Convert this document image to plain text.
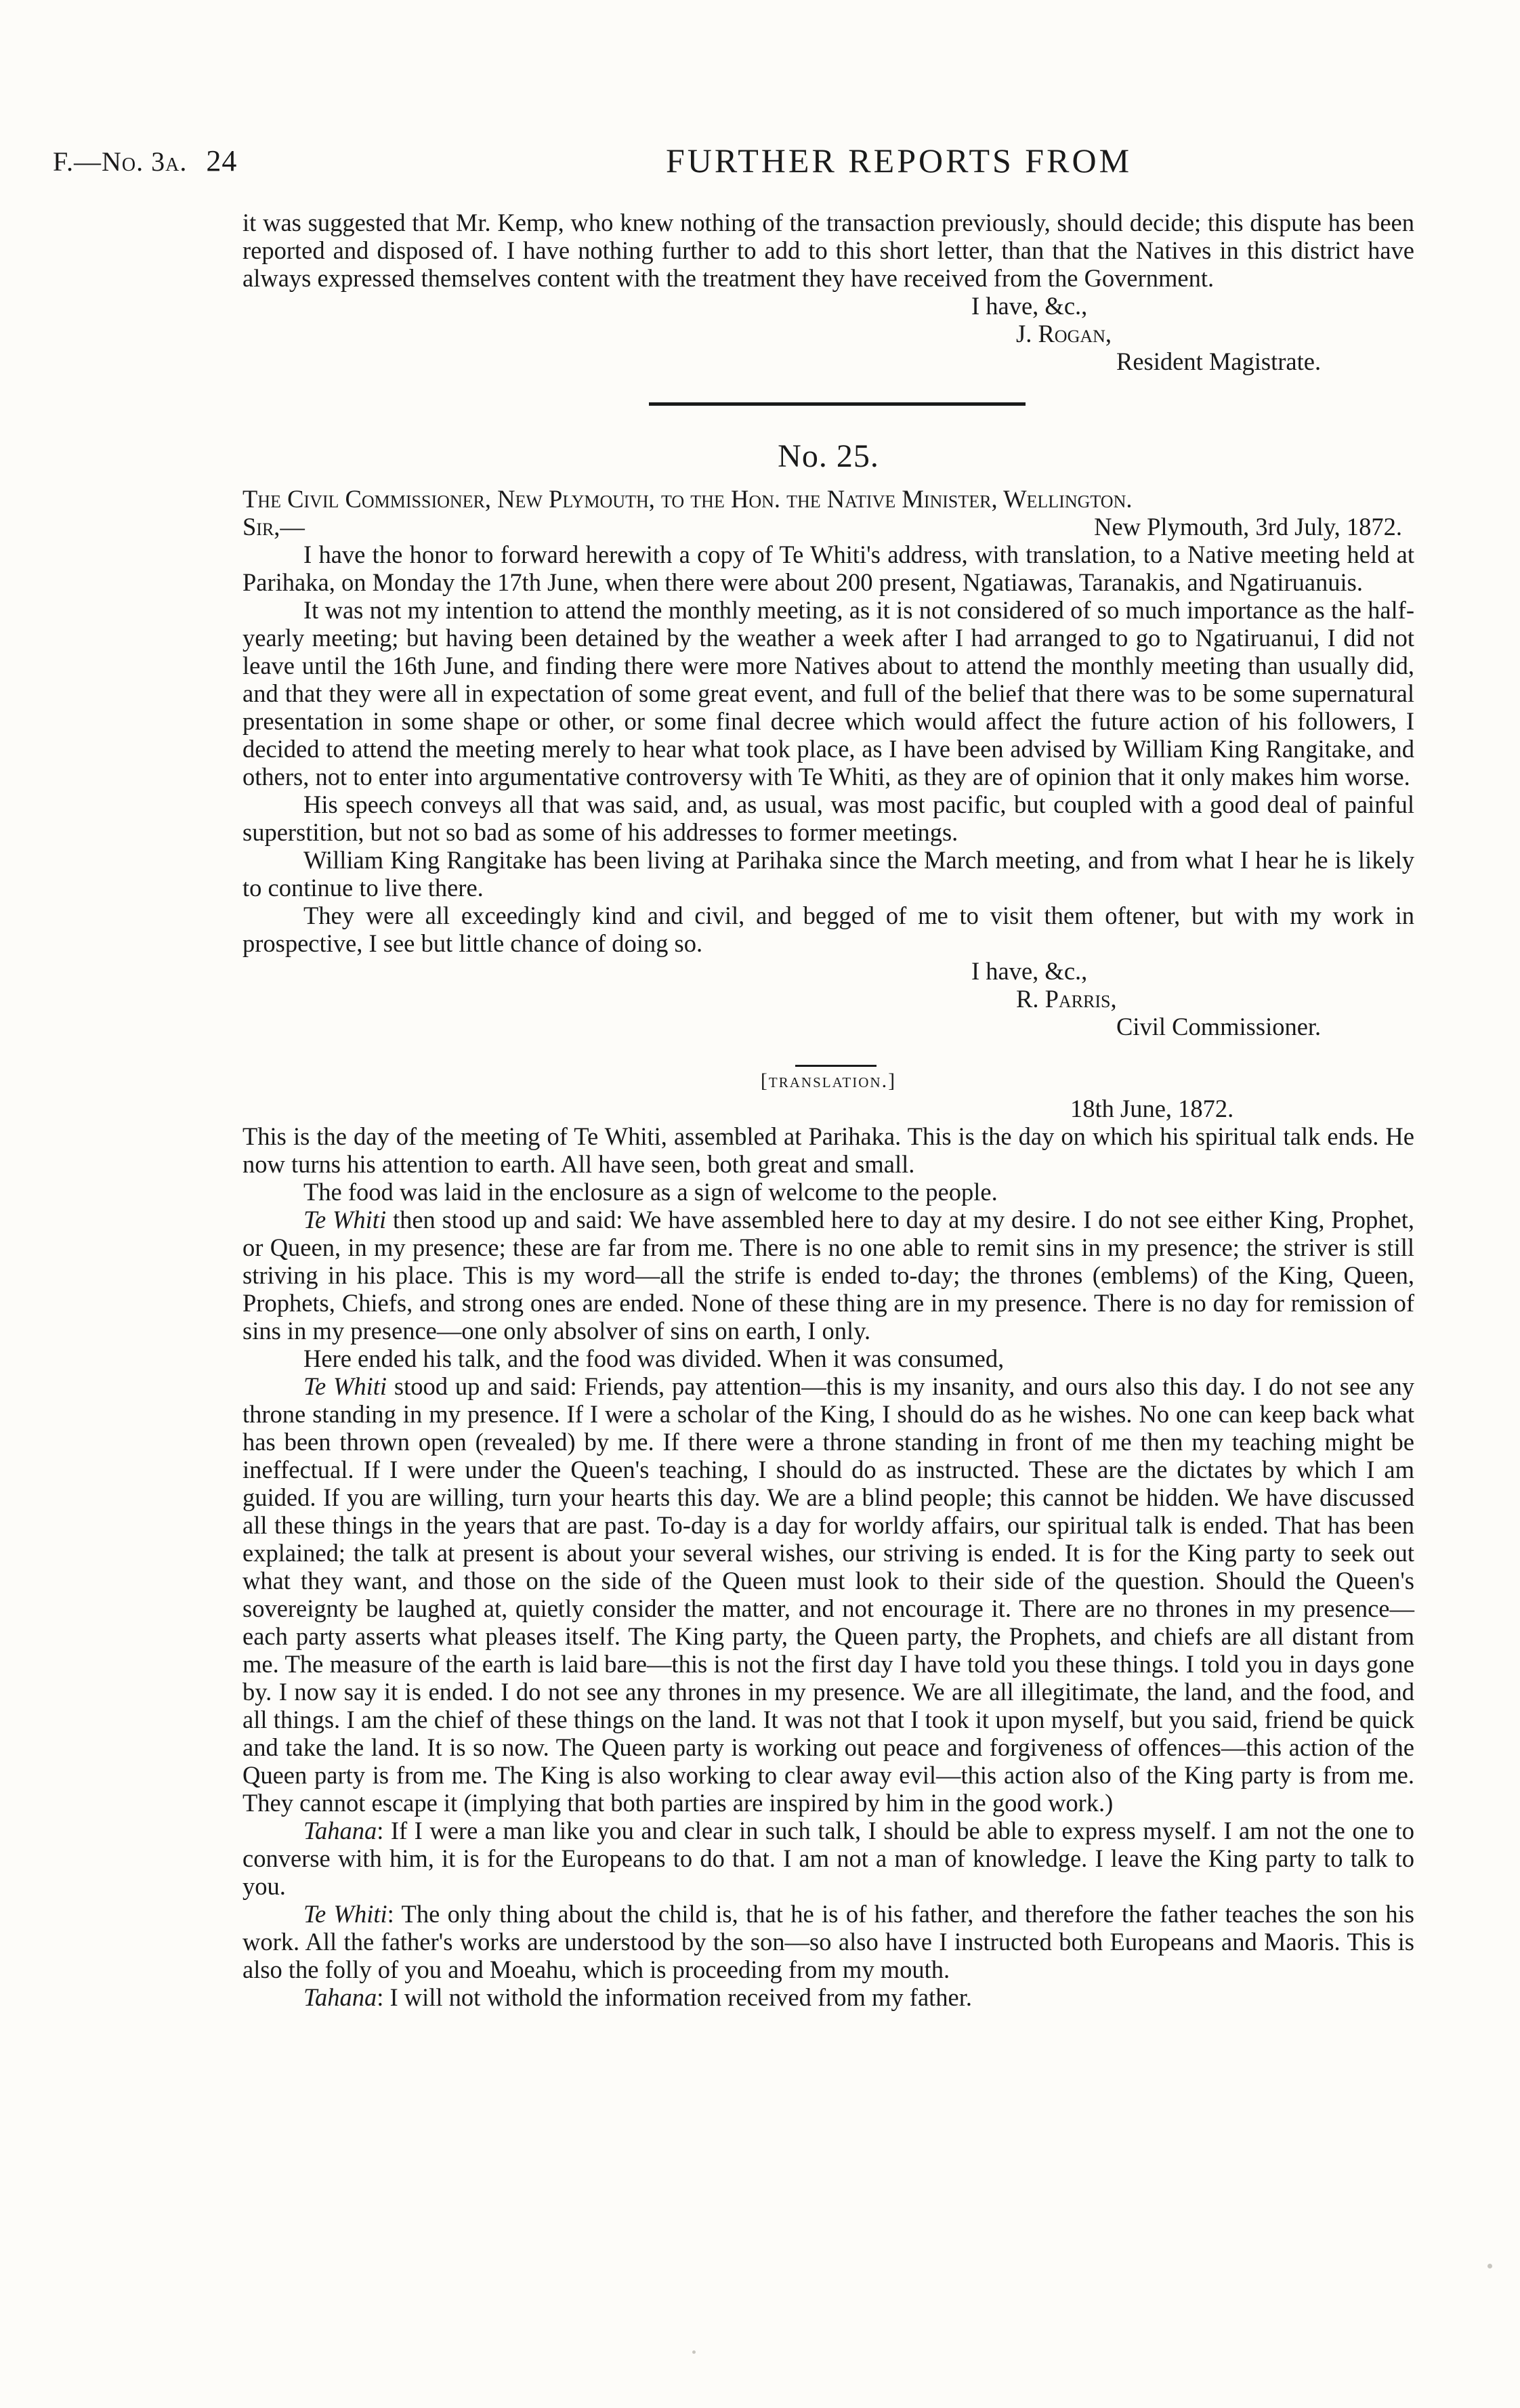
F.—No. 3a. 24	FURTHER REPORTS FROM

it was suggested that Mr. Kemp, who knew nothing of the transaction previously, should decide; this dispute has been reported and disposed of. I have nothing further to add to this short letter, than that the Natives in this district have always expressed themselves content with the treatment they have received from the Government.

I have, &c.,

J. Rogan,

Resident Magistrate.

No. 25.

The Civil Commissioner, New Plymouth, to the Hon. the Native Minister, Wellington.

Sir,—	New Plymouth, 3rd July, 1872.

I have the honor to forward herewith a copy of Te Whiti's address, with translation, to a Native meeting held at Parihaka, on Monday the 17th June, when there were about 200 present, Ngatiawas, Taranakis, and Ngatiruanuis.

It was not my intention to attend the monthly meeting, as it is not considered of so much importance as the half-yearly meeting; but having been detained by the weather a week after I had arranged to go to Ngatiruanui, I did not leave until the 16th June, and finding there were more Natives about to attend the monthly meeting than usually did, and that they were all in expectation of some great event, and full of the belief that there was to be some supernatural presentation in some shape or other, or some final decree which would affect the future action of his followers, I decided to attend the meeting merely to hear what took place, as I have been advised by William King Rangitake, and others, not to enter into argumentative controversy with Te Whiti, as they are of opinion that it only makes him worse.

His speech conveys all that was said, and, as usual, was most pacific, but coupled with a good deal of painful superstition, but not so bad as some of his addresses to former meetings.

William King Rangitake has been living at Parihaka since the March meeting, and from what I hear he is likely to continue to live there.

They were all exceedingly kind and civil, and begged of me to visit them oftener, but with my work in prospective, I see but little chance of doing so.

I have, &c.,

R. Parris,

Civil Commissioner.

[translation.]

18th June, 1872.

This is the day of the meeting of Te Whiti, assembled at Parihaka. This is the day on which his spiritual talk ends. He now turns his attention to earth. All have seen, both great and small.

The food was laid in the enclosure as a sign of welcome to the people.

Te Whiti then stood up and said: We have assembled here to day at my desire. I do not see either King, Prophet, or Queen, in my presence; these are far from me. There is no one able to remit sins in my presence; the striver is still striving in his place. This is my word—all the strife is ended to-day; the thrones (emblems) of the King, Queen, Prophets, Chiefs, and strong ones are ended. None of these thing are in my presence. There is no day for remission of sins in my presence—one only absolver of sins on earth, I only.

Here ended his talk, and the food was divided. When it was consumed,

Te Whiti stood up and said: Friends, pay attention—this is my insanity, and ours also this day. I do not see any throne standing in my presence. If I were a scholar of the King, I should do as he wishes. No one can keep back what has been thrown open (revealed) by me. If there were a throne standing in front of me then my teaching might be ineffectual. If I were under the Queen's teaching, I should do as instructed. These are the dictates by which I am guided. If you are willing, turn your hearts this day. We are a blind people; this cannot be hidden. We have discussed all these things in the years that are past. To-day is a day for worldy affairs, our spiritual talk is ended. That has been explained; the talk at present is about your several wishes, our striving is ended. It is for the King party to seek out what they want, and those on the side of the Queen must look to their side of the question. Should the Queen's sovereignty be laughed at, quietly consider the matter, and not encourage it. There are no thrones in my presence—each party asserts what pleases itself. The King party, the Queen party, the Prophets, and chiefs are all distant from me. The measure of the earth is laid bare—this is not the first day I have told you these things. I told you in days gone by. I now say it is ended. I do not see any thrones in my presence. We are all illegitimate, the land, and the food, and all things. I am the chief of these things on the land. It was not that I took it upon myself, but you said, friend be quick and take the land. It is so now. The Queen party is working out peace and forgiveness of offences—this action of the Queen party is from me. The King is also working to clear away evil—this action also of the King party is from me. They cannot escape it (implying that both parties are inspired by him in the good work.)

Tahana: If I were a man like you and clear in such talk, I should be able to express myself. I am not the one to converse with him, it is for the Europeans to do that. I am not a man of knowledge. I leave the King party to talk to you.

Te Whiti: The only thing about the child is, that he is of his father, and therefore the father teaches the son his work. All the father's works are understood by the son—so also have I instructed both Europeans and Maoris. This is also the folly of you and Moeahu, which is proceeding from my mouth.

Tahana: I will not withold the information received from my father.
